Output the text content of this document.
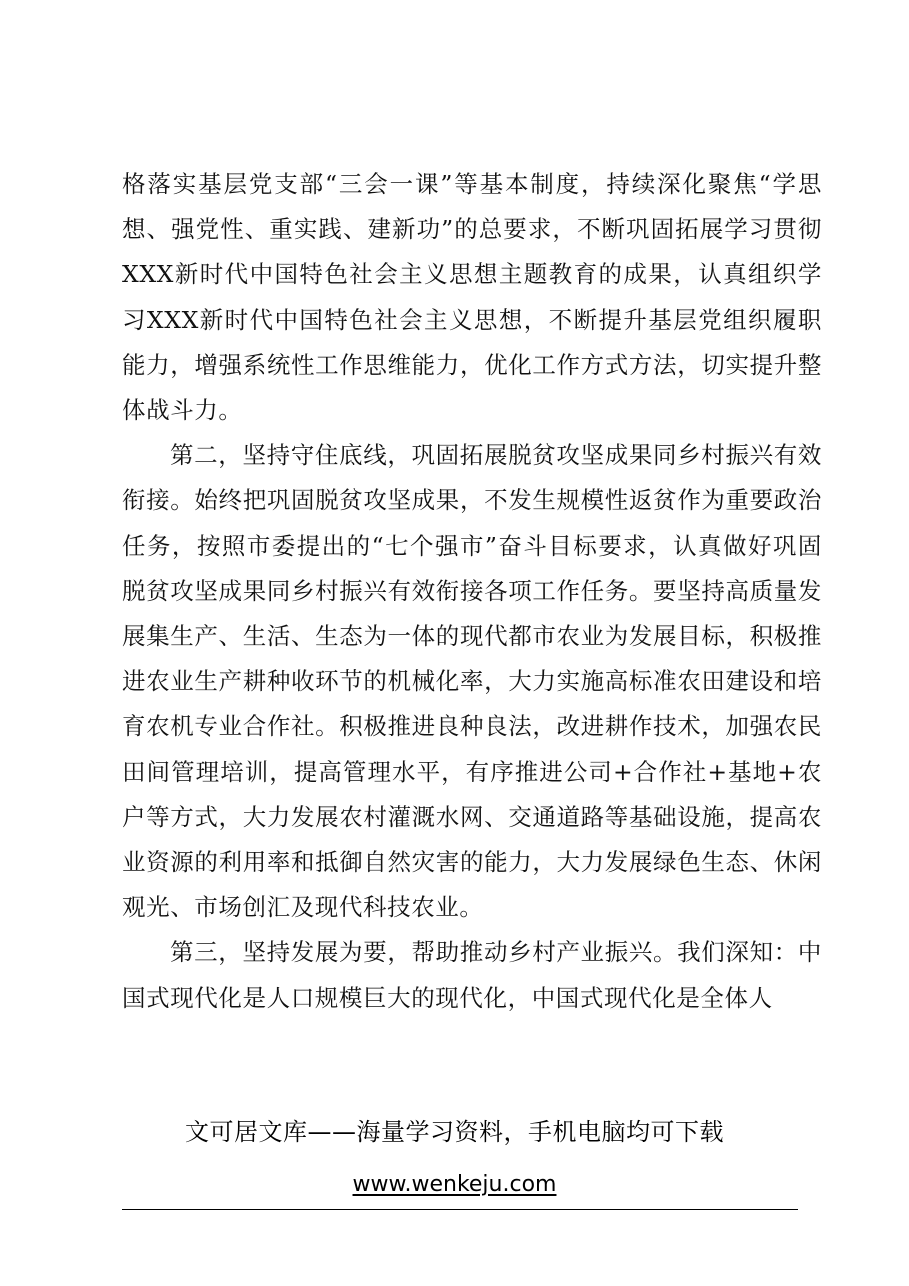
格落实基层党支部“三会一课”等基本制度，持续深化聚焦“学思想、强党性、重实践、建新功”的总要求，不断巩固拓展学习贯彻XXX新时代中国特色社会主义思想主题教育的成果，认真组织学习XXX新时代中国特色社会主义思想，不断提升基层党组织履职能力，增强系统性工作思维能力，优化工作方式方法，切实提升整体战斗力。

第二，坚持守住底线，巩固拓展脱贫攻坚成果同乡村振兴有效衔接。始终把巩固脱贫攻坚成果，不发生规模性返贫作为重要政治任务，按照市委提出的“七个强市”奋斗目标要求，认真做好巩固脱贫攻坚成果同乡村振兴有效衔接各项工作任务。要坚持高质量发展集生产、生活、生态为一体的现代都市农业为发展目标，积极推进农业生产耕种收环节的机械化率，大力实施高标准农田建设和培育农机专业合作社。积极推进良种良法，改进耕作技术，加强农民田间管理培训，提高管理水平，有序推进公司+合作社+基地+农户等方式，大力发展农村灌溉水网、交通道路等基础设施，提高农业资源的利用率和抵御自然灾害的能力，大力发展绿色生态、休闲观光、市场创汇及现代科技农业。

第三，坚持发展为要，帮助推动乡村产业振兴。我们深知：中国式现代化是人口规模巨大的现代化，中国式现代化是全体人

文可居文库——海量学习资料，手机电脑均可下载
www.wenkeju.com
